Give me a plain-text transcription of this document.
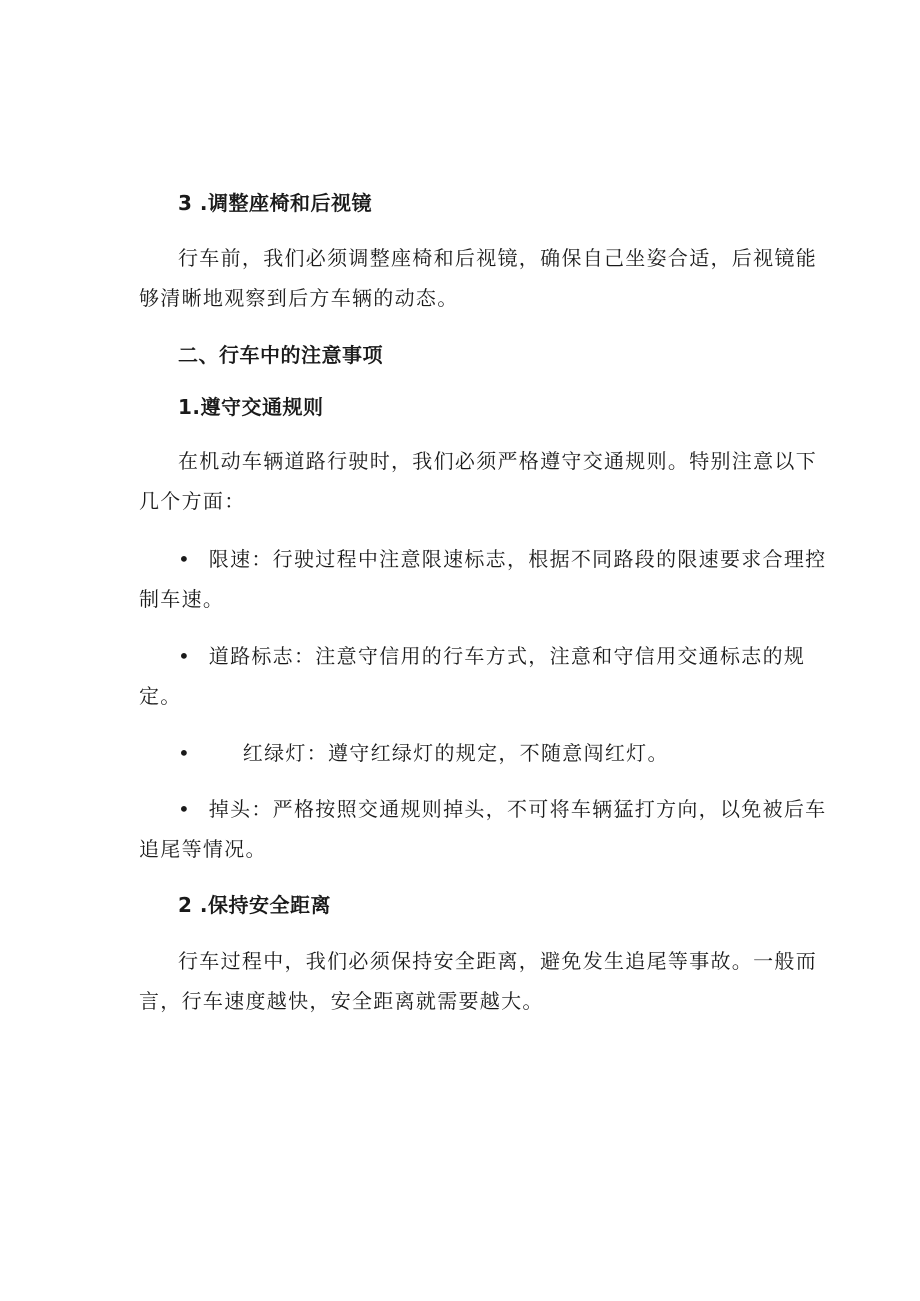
3 .调整座椅和后视镜
行车前，我们必须调整座椅和后视镜，确保自己坐姿合适，后视镜能
够清晰地观察到后方车辆的动态。
二、行车中的注意事项
1.遵守交通规则
在机动车辆道路行驶时，我们必须严格遵守交通规则。特别注意以下
几个方面：
• 限速：行驶过程中注意限速标志，根据不同路段的限速要求合理控
制车速。
• 道路标志：注意守信用的行车方式，注意和守信用交通标志的规
定。
•	红绿灯：遵守红绿灯的规定，不随意闯红灯。
• 掉头：严格按照交通规则掉头，不可将车辆猛打方向，以免被后车
追尾等情况。
2 .保持安全距离
行车过程中，我们必须保持安全距离，避免发生追尾等事故。一般而
言，行车速度越快，安全距离就需要越大。
